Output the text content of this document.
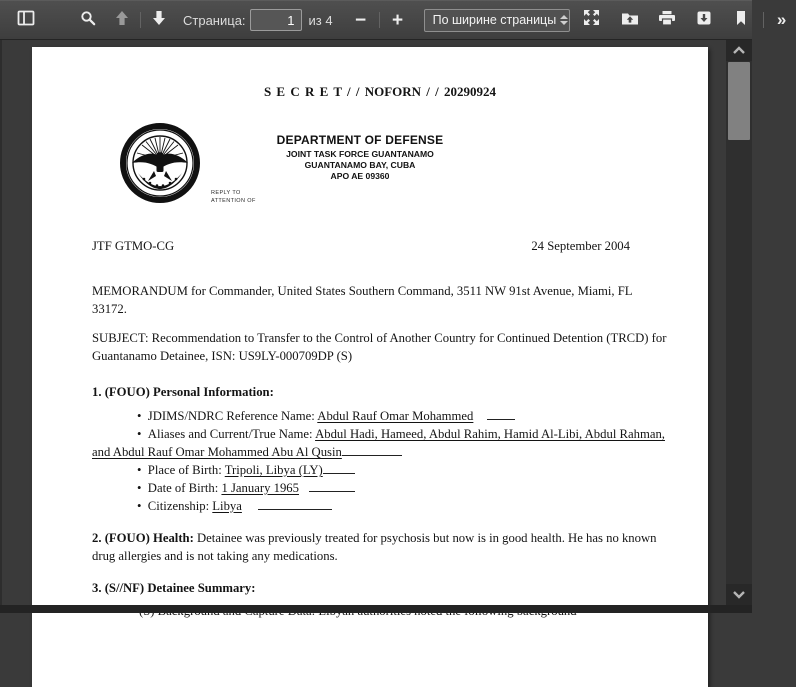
Страница:
1	из 4 − + По ширине страницы	»
S E C R E T / / NOFORN / / 20290924
REPLY TO
ATTENTION OF
DEPARTMENT OF DEFENSE
JOINT TASK FORCE GUANTANAMO
GUANTANAMO BAY, CUBA
APO AE 09360
JTF GTMO-CG	24 September 2004
MEMORANDUM for Commander, United States Southern Command, 3511 NW 91st Avenue, Miami, FL 33172.
SUBJECT: Recommendation to Transfer to the Control of Another Country for Continued Detention (TRCD) for Guantanamo Detainee, ISN: US9LY-000709DP (S)
1. (FOUO) Personal Information:
• JDIMS/NDRC Reference Name: Abdul Rauf Omar Mohammed
• Aliases and Current/True Name: Abdul Hadi, Hameed, Abdul Rahim, Hamid Al-Libi, Abdul Rahman, and Abdul Rauf Omar Mohammed Abu Al Qusin
• Place of Birth: Tripoli, Libya (LY)
• Date of Birth: 1 January 1965
• Citizenship: Libya
2. (FOUO) Health: Detainee was previously treated for psychosis but now is in good health. He has no known drug allergies and is not taking any medications.
3. (S//NF) Detainee Summary:
